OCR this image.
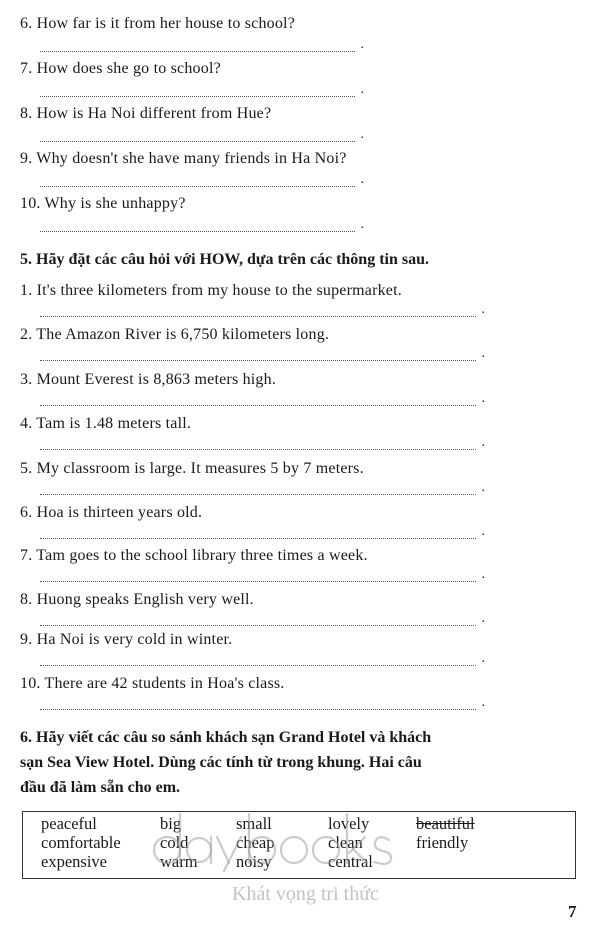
6. How far is it from her house to school?
.
7. How does she go to school?
.
8. How is Ha Noi different from Hue?
.
9. Why doesn't she have many friends in Ha Noi?
.
10. Why is she unhappy?
.
5. Hãy đặt các câu hỏi với HOW, dựa trên các thông tin sau.
1. It's three kilometers from my house to the supermarket.
.
2. The Amazon River is 6,750 kilometers long.
.
3. Mount Everest is 8,863 meters high.
.
4. Tam is 1.48 meters tall.
.
5. My classroom is large. It measures 5 by 7 meters.
.
6. Hoa is thirteen years old.
.
7. Tam goes to the school library three times a week.
.
8. Huong speaks English very well.
.
9. Ha Noi is very cold in winter.
.
10. There are 42 students in Hoa's class.
.
6. Hãy viết các câu so sánh khách sạn Grand Hotel và khách
sạn Sea View Hotel. Dùng các tính từ trong khung. Hai câu
đầu đã làm sẵn cho em.
peaceful
comfortable
expensive
big
cold
warm
small
cheap
noisy
lovely
clean
central
beautiful
friendly
Khát vọng tri thức
7
